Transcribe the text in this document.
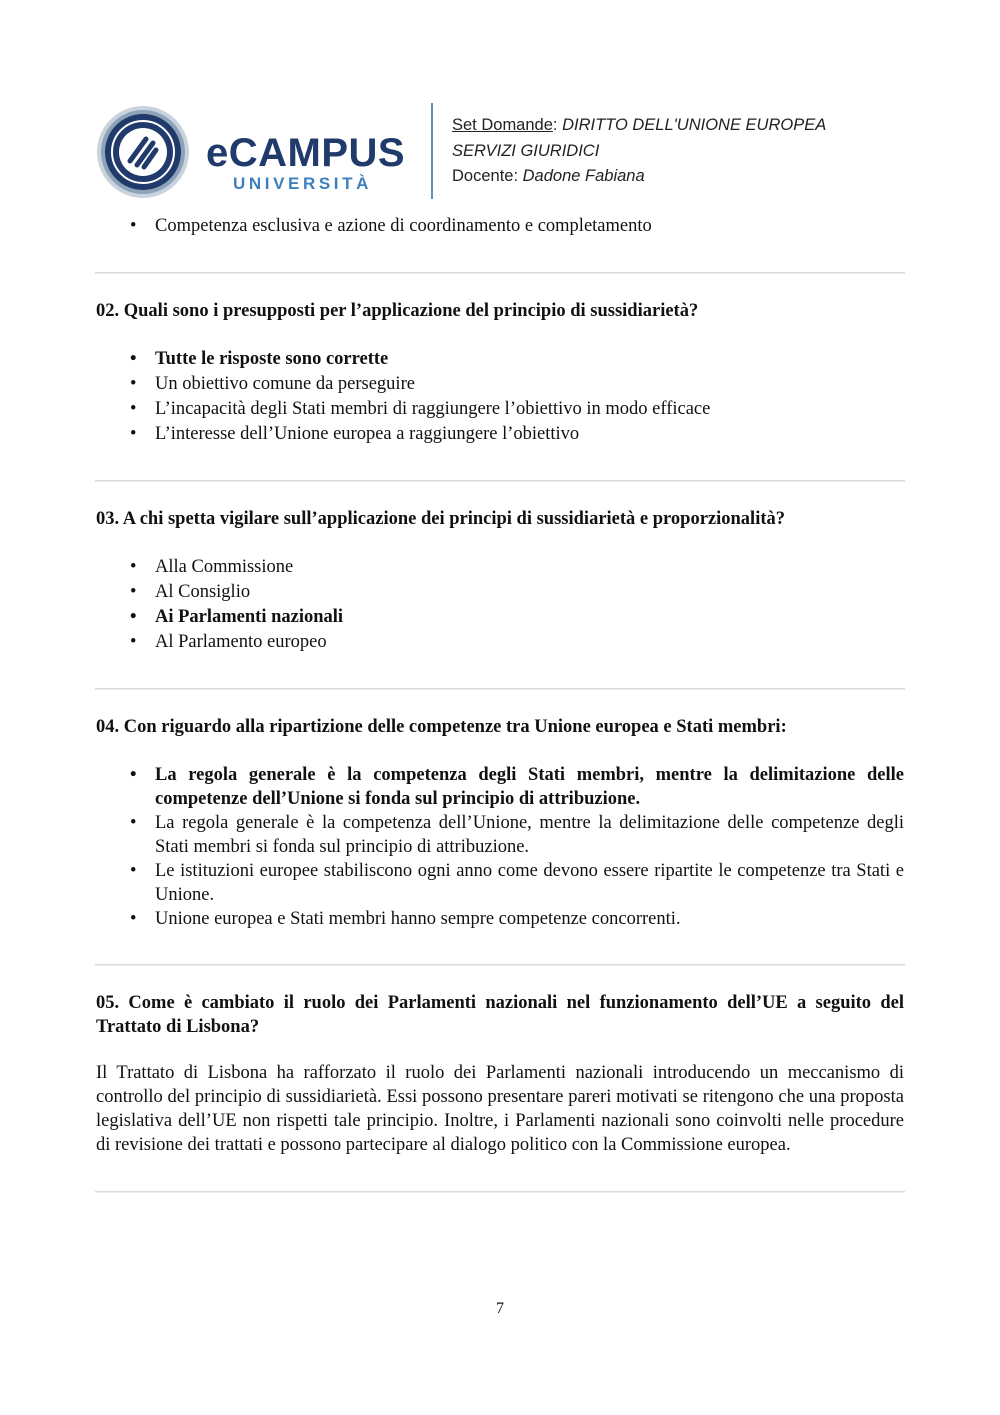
eCAMPUS
UNIVERSITÀ
Set Domande: DIRITTO DELL'UNIONE EUROPEA
SERVIZI GIURIDICI
Docente: Dadone Fabiana
• Competenza esclusiva e azione di coordinamento e completamento

02. Quali sono i presupposti per l’applicazione del principio di sussidiarietà?

• Tutte le risposte sono corrette
• Un obiettivo comune da perseguire
• L’incapacità degli Stati membri di raggiungere l’obiettivo in modo efficace
• L’interesse dell’Unione europea a raggiungere l’obiettivo

03. A chi spetta vigilare sull’applicazione dei principi di sussidiarietà e proporzionalità?

• Alla Commissione
• Al Consiglio
• Ai Parlamenti nazionali
• Al Parlamento europeo

04. Con riguardo alla ripartizione delle competenze tra Unione europea e Stati membri:

• La regola generale è la competenza degli Stati membri, mentre la delimitazione delle competenze dell’Unione si fonda sul principio di attribuzione.
• La regola generale è la competenza dell’Unione, mentre la delimitazione delle competenze degli Stati membri si fonda sul principio di attribuzione.
• Le istituzioni europee stabiliscono ogni anno come devono essere ripartite le competenze tra Stati e Unione.
• Unione europea e Stati membri hanno sempre competenze concorrenti.

05. Come è cambiato il ruolo dei Parlamenti nazionali nel funzionamento dell’UE a seguito del Trattato di Lisbona?

Il Trattato di Lisbona ha rafforzato il ruolo dei Parlamenti nazionali introducendo un meccanismo di controllo del principio di sussidiarietà. Essi possono presentare pareri motivati se ritengono che una proposta legislativa dell’UE non rispetti tale principio. Inoltre, i Parlamenti nazionali sono coinvolti nelle procedure di revisione dei trattati e possono partecipare al dialogo politico con la Commissione europea.

7
